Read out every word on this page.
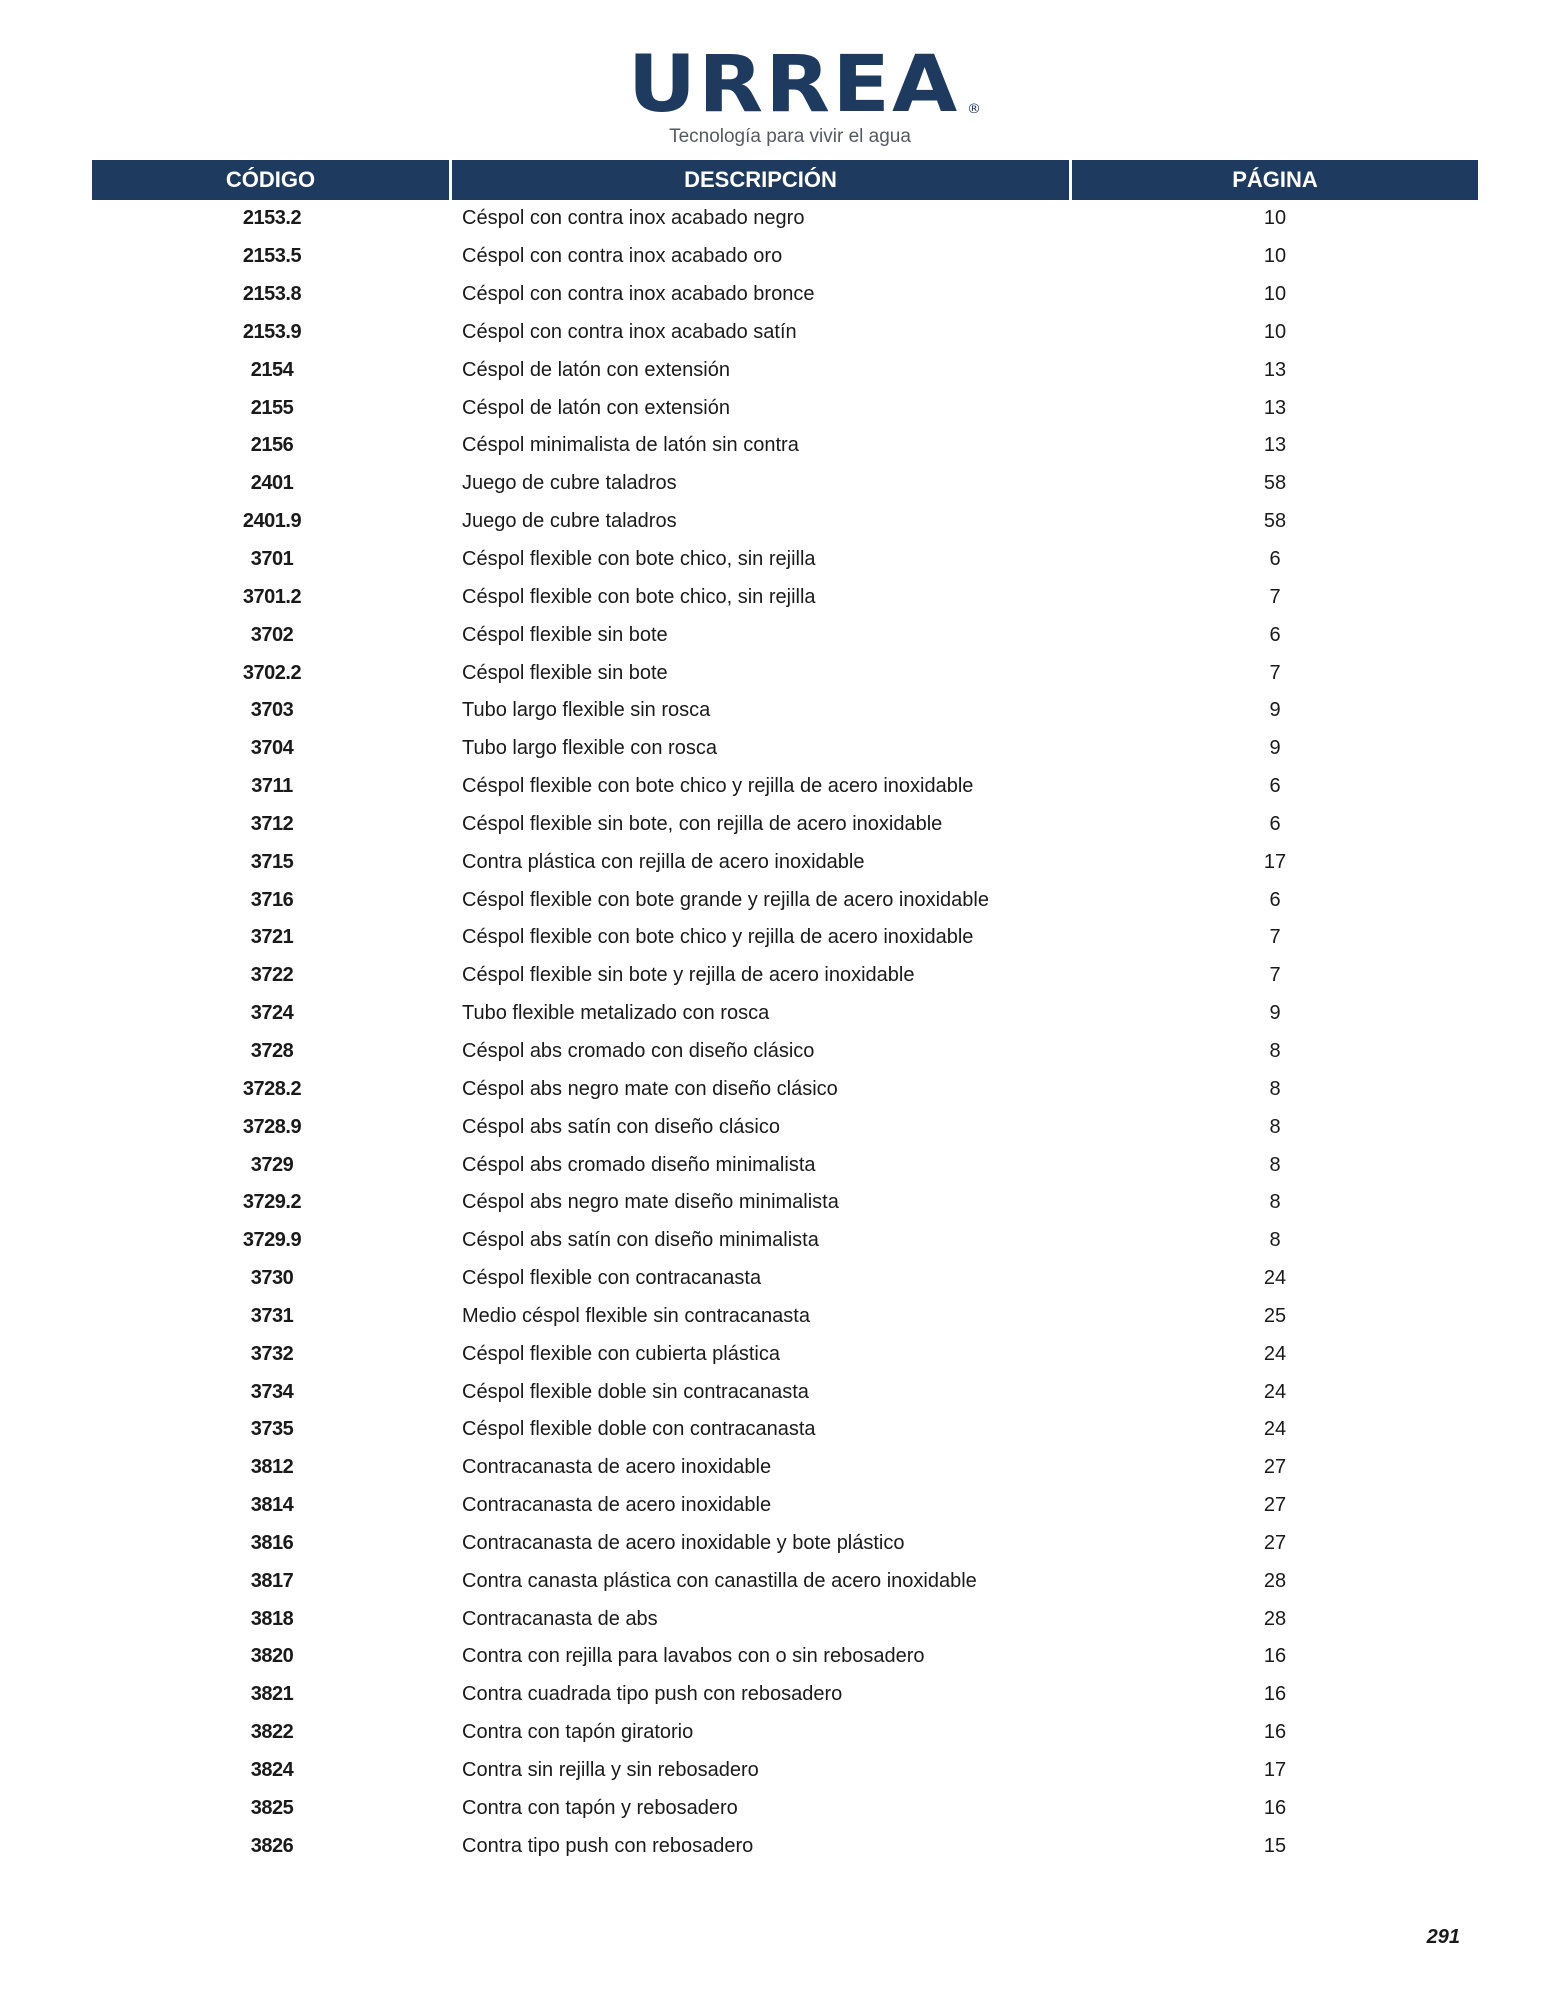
URREA ®
Tecnología para vivir el agua
CÓDIGO	DESCRIPCIÓN	PÁGINA
2153.2	Céspol con contra inox acabado negro	10
2153.5	Céspol con contra inox acabado oro	10
2153.8	Céspol con contra inox acabado bronce	10
2153.9	Céspol con contra inox acabado satín	10
2154	Céspol de latón con extensión	13
2155	Céspol de latón con extensión	13
2156	Céspol minimalista de latón sin contra	13
2401	Juego de cubre taladros	58
2401.9	Juego de cubre taladros	58
3701	Céspol flexible con bote chico, sin rejilla	6
3701.2	Céspol flexible con bote chico, sin rejilla	7
3702	Céspol flexible sin bote	6
3702.2	Céspol flexible sin bote	7
3703	Tubo largo flexible sin rosca	9
3704	Tubo largo flexible con rosca	9
3711	Céspol flexible con bote chico y rejilla de acero inoxidable	6
3712	Céspol flexible sin bote, con rejilla de acero inoxidable	6
3715	Contra plástica con rejilla de acero inoxidable	17
3716	Céspol flexible con bote grande y rejilla de acero inoxidable	6
3721	Céspol flexible con bote chico y rejilla de acero inoxidable	7
3722	Céspol flexible sin bote y rejilla de acero inoxidable	7
3724	Tubo flexible metalizado con rosca	9
3728	Céspol abs cromado con diseño clásico	8
3728.2	Céspol abs negro mate con diseño clásico	8
3728.9	Céspol abs satín con diseño clásico	8
3729	Céspol abs cromado diseño minimalista	8
3729.2	Céspol abs negro mate diseño minimalista	8
3729.9	Céspol abs satín con diseño minimalista	8
3730	Céspol flexible con contracanasta	24
3731	Medio céspol flexible sin contracanasta	25
3732	Céspol flexible con cubierta plástica	24
3734	Céspol flexible doble sin contracanasta	24
3735	Céspol flexible doble con contracanasta	24
3812	Contracanasta de acero inoxidable	27
3814	Contracanasta de acero inoxidable	27
3816	Contracanasta de acero inoxidable y bote plástico	27
3817	Contra canasta plástica con canastilla de acero inoxidable	28
3818	Contracanasta de abs	28
3820	Contra con rejilla para lavabos con o sin rebosadero	16
3821	Contra cuadrada tipo push con rebosadero	16
3822	Contra con tapón giratorio	16
3824	Contra sin rejilla y sin rebosadero	17
3825	Contra con tapón y rebosadero	16
3826	Contra tipo push con rebosadero	15
291
